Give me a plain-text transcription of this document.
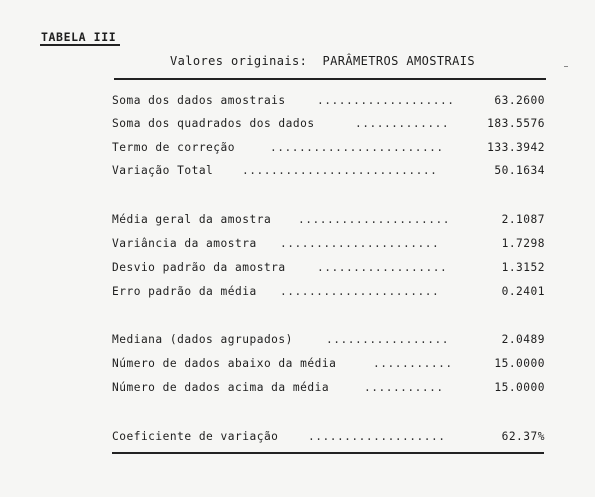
TABELA III
Valores originais:  PARÂMETROS AMOSTRAIS
Soma dos dados amostrais	...................	63.2600
Soma dos quadrados dos dados	.............	183.5576
Termo de correção	........................	133.3942
Variação Total	...........................	50.1634
Média geral da amostra .....................	2.1087
Variância da amostra ......................	1.7298
Desvio padrão da amostra	..................	1.3152
Erro padrão da média ......................	0.2401
Mediana (dados agrupados)	.................	2.0489
Número de dados abaixo da média	...........	15.0000
Número de dados acima da média	...........	15.0000
Coeficiente de variação	...................	62.37%
